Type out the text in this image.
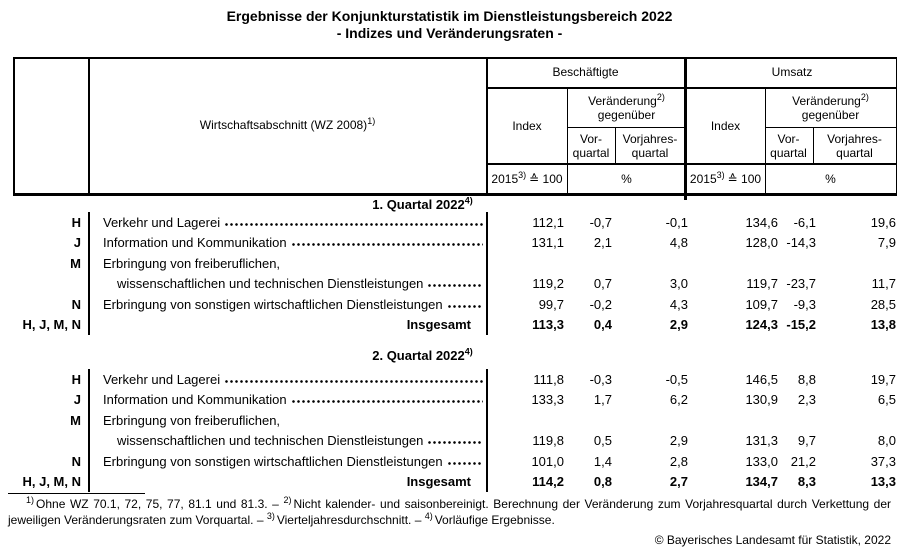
Ergebnisse der Konjunkturstatistik im Dienstleistungsbereich 2022
- Indizes und Veränderungsraten -
Wirtschaftsabschnitt (WZ 2008)$^{1)}$
Beschäftigte	Umsatz
Index
Veränderung$^{2)}$
gegenüber
Vor-
quartal
Vorjahres-
quartal
Index
Veränderung$^{2)}$
gegenüber
Vor-
quartal
Vorjahres-
quartal
2015$^{3)}$ ≙ 100	%	2015$^{3)}$ ≙ 100	%
1. Quartal 2022$^{4)}$
H	Verkehr und Lagerei	112,1	-0,7	-0,1	134,6	-6,1	19,6
J	Information und Kommunikation	131,1	2,1	4,8	128,0 -14,3	7,9
M	Erbringung von freiberuflichen,
wissenschaftlichen und technischen Dienstleistungen	119,2	0,7	3,0	119,7 -23,7	11,7
N	Erbringung von sonstigen wirtschaftlichen Dienstleistungen	99,7	-0,2	4,3	109,7	-9,3	28,5
H, J, M, N	Insgesamt	113,3	0,4	2,9	124,3 -15,2	13,8
2. Quartal 2022$^{4)}$
H	Verkehr und Lagerei	111,8	-0,3	-0,5	146,5	8,8	19,7
J	Information und Kommunikation	133,3	1,7	6,2	130,9	2,3	6,5
M	Erbringung von freiberuflichen,
wissenschaftlichen und technischen Dienstleistungen	119,8	0,5	2,9	131,3	9,7	8,0
N	Erbringung von sonstigen wirtschaftlichen Dienstleistungen	101,0	1,4	2,8	133,0 21,2	37,3
H, J, M, N	Insgesamt	114,2	0,8	2,7	134,7	8,3	13,3

$^{1)}$ Ohne WZ 70.1, 72, 75, 77, 81.1 und 81.3. – $^{2)}$ Nicht kalender- und saisonbereinigt. Berechnung der Veränderung zum Vorjahresquartal durch Verkettung der jeweiligen Veränderungsraten zum Vorquartal. – $^{3)}$ Vierteljahresdurchschnitt. – $^{4)}$ Vorläufige Ergebnisse.

© Bayerisches Landesamt für Statistik, 2022
